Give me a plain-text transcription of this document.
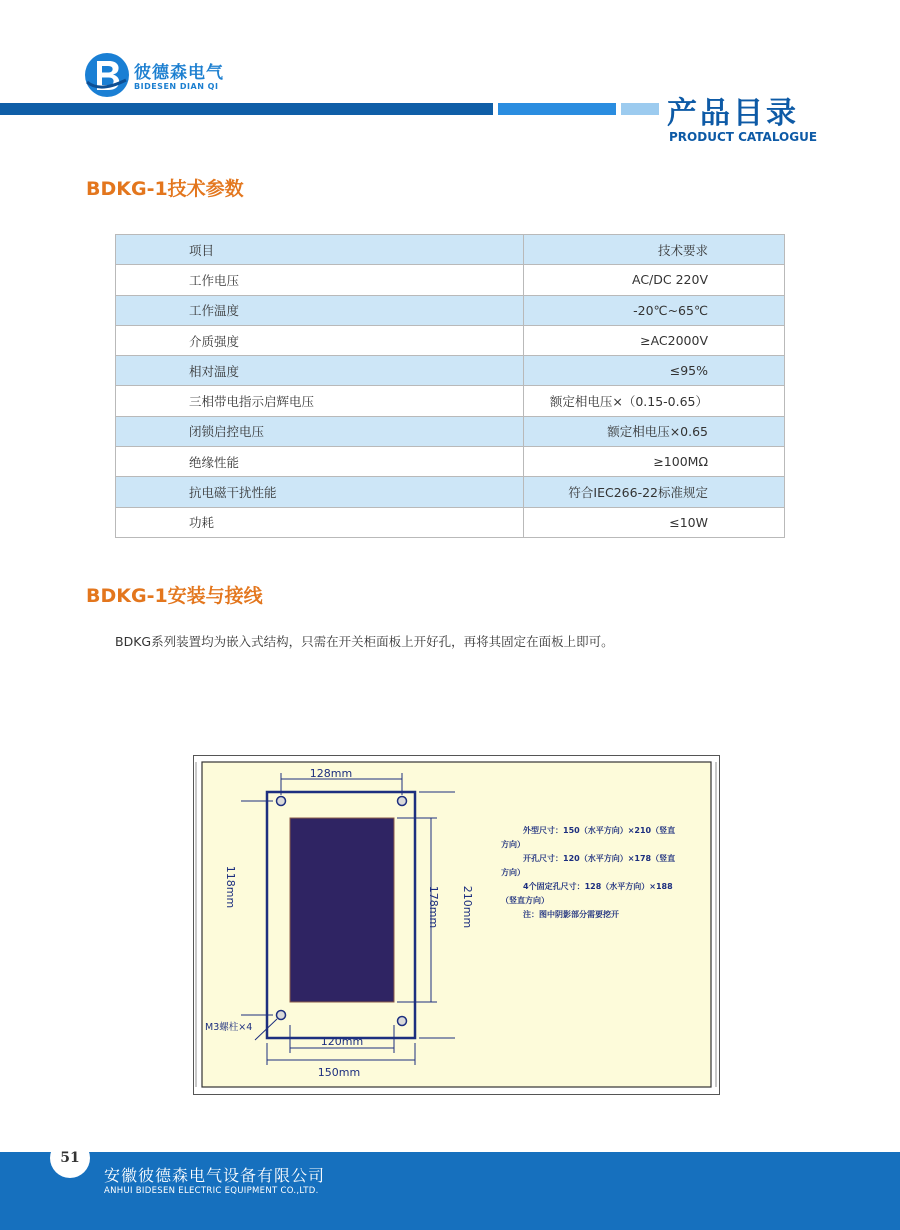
彼德森电气
BIDESEN DIAN QI
产品目录
PRODUCT CATALOGUE
BDKG-1技术参数
项目	技术要求
工作电压	AC/DC 220V
工作温度	-20℃~65℃
介质强度	≥AC2000V
相对温度	≤95%
三相带电指示启辉电压	额定相电压×（0.15-0.65）
闭锁启控电压	额定相电压×0.65
绝缘性能	≥100MΩ
抗电磁干扰性能	符合IEC266-22标准规定
功耗	≤10W
BDKG-1安装与接线
BDKG系列装置均为嵌入式结构，只需在开关柜面板上开好孔，再将其固定在面板上即可。
128mm
118mm	178mm 210mm
120mm
150mm
M3螺柱×4
外型尺寸：150（水平方向）×210（竖直
方向）
开孔尺寸：120（水平方向）×178（竖直
方向）
4个固定孔尺寸：128（水平方向）×188
（竖直方向）
注：图中阴影部分需要挖开
51
安徽彼德森电气设备有限公司
ANHUI BIDESEN ELECTRIC EQUIPMENT CO.,LTD.
